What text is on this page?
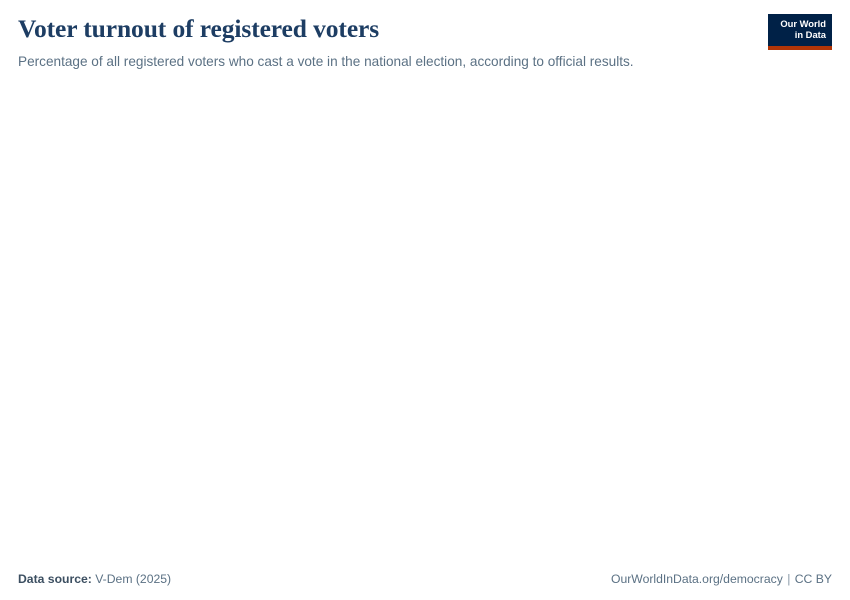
Voter turnout of registered voters

Percentage of all registered voters who cast a vote in the national election, according to official results.

Our World
in Data
Data source: V-Dem (2025)	OurWorldInData.org/democracy | CC BY
